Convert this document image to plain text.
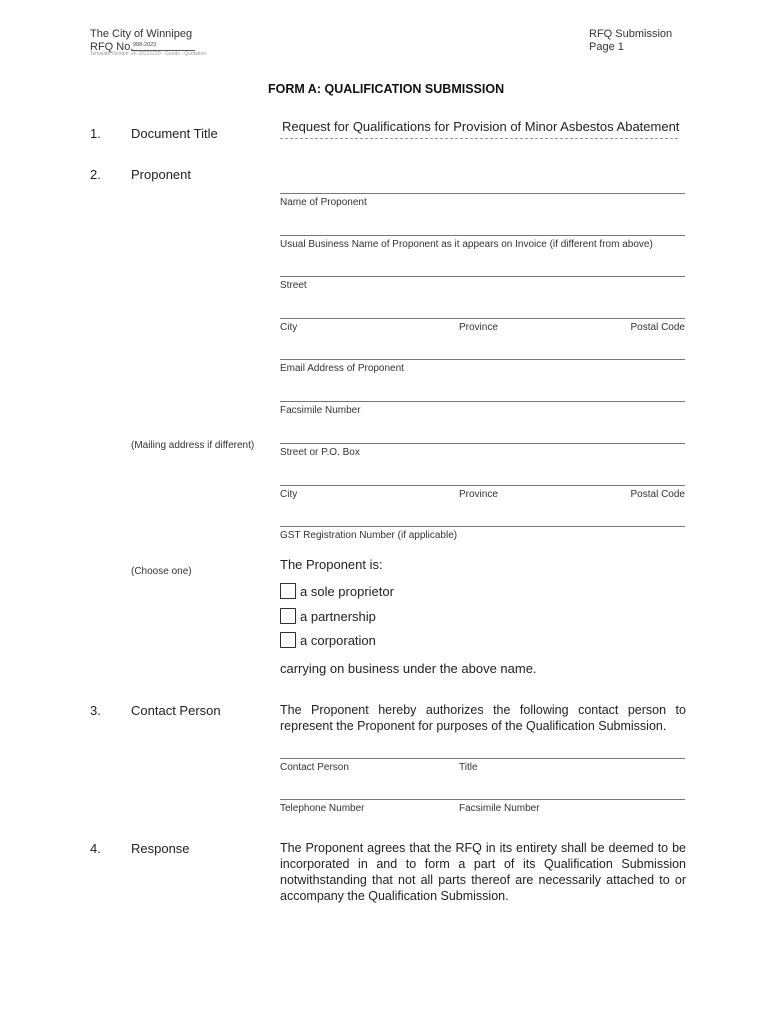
The City of Winnipeg
RFQ No. 988-2023
Template Version: eF 20221220 - Goods - Quotation
RFQ Submission
Page 1
FORM A: QUALIFICATION SUBMISSION
1. Document Title	Request for Qualifications for Provision of Minor Asbestos Abatement
2. Proponent
Name of Proponent
Usual Business Name of Proponent as it appears on Invoice (if different from above)
Street
City	Province	Postal Code
Email Address of Proponent
Facsimile Number
(Mailing address if different)
Street or P.O. Box
City	Province	Postal Code
GST Registration Number (if applicable)
The Proponent is:
(Choose one)
a sole proprietor
a partnership
a corporation
carrying on business under the above name.
3. Contact Person	The Proponent hereby authorizes the following contact person to represent the Proponent for purposes of the Qualification Submission.
Contact Person	Title
Telephone Number	Facsimile Number
4. Response	The Proponent agrees that the RFQ in its entirety shall be deemed to be incorporated in and to form a part of its Qualification Submission notwithstanding that not all parts thereof are necessarily attached to or accompany the Qualification Submission.
